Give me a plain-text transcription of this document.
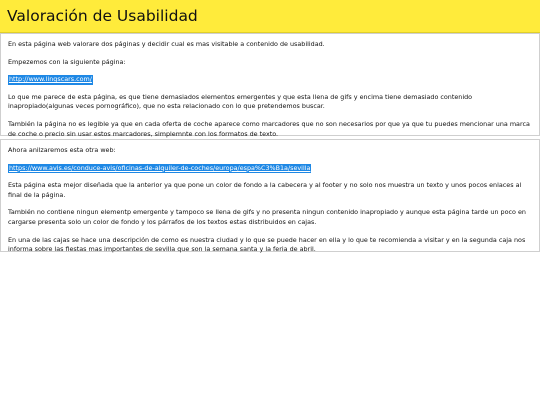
Valoración de Usabilidad

En esta página web valorare dos páginas y decidir cual es mas visitable a contenido de usabilidad.

Empezemos con la siguiente página:

http://www.lingscars.com/

Lo que me parece de esta página, es que tiene demasiados elementos emergentes y que esta llena de gifs y encima tiene demasiado contenido inapropiado(algunas veces pornográfico), que no esta relacionado con lo que pretendemos buscar.

También la página no es legible ya que en cada oferta de coche aparece como marcadores que no son necesarios por que ya que tu puedes mencionar una marca de coche o precio sin usar estos marcadores, simplemnte con los formatos de texto.

Ahora anilzaremos esta otra web:

https://www.avis.es/conduce-avis/oficinas-de-alquiler-de-coches/europa/espa%C3%B1a/sevilla

Esta página esta mejor diseñada que la anterior ya que pone un color de fondo a la cabecera y al footer y no solo nos muestra un texto y unos pocos enlaces al final de la página.

También no contiene ningun elementp emergente y tampoco se llena de gifs y no presenta ningun contenido inapropiado y aunque esta página tarde un poco en cargarse presenta solo un color de fondo y los párrafos de los textos estas distribuidos en cajas.

En una de las cajas se hace una descripción de como es nuestra ciudad y lo que se puede hacer en ella y lo que te recomienda a visitar y en la segunda caja nos informa sobre las fiestas mas importantes de sevilla que son la semana santa y la feria de abril.
